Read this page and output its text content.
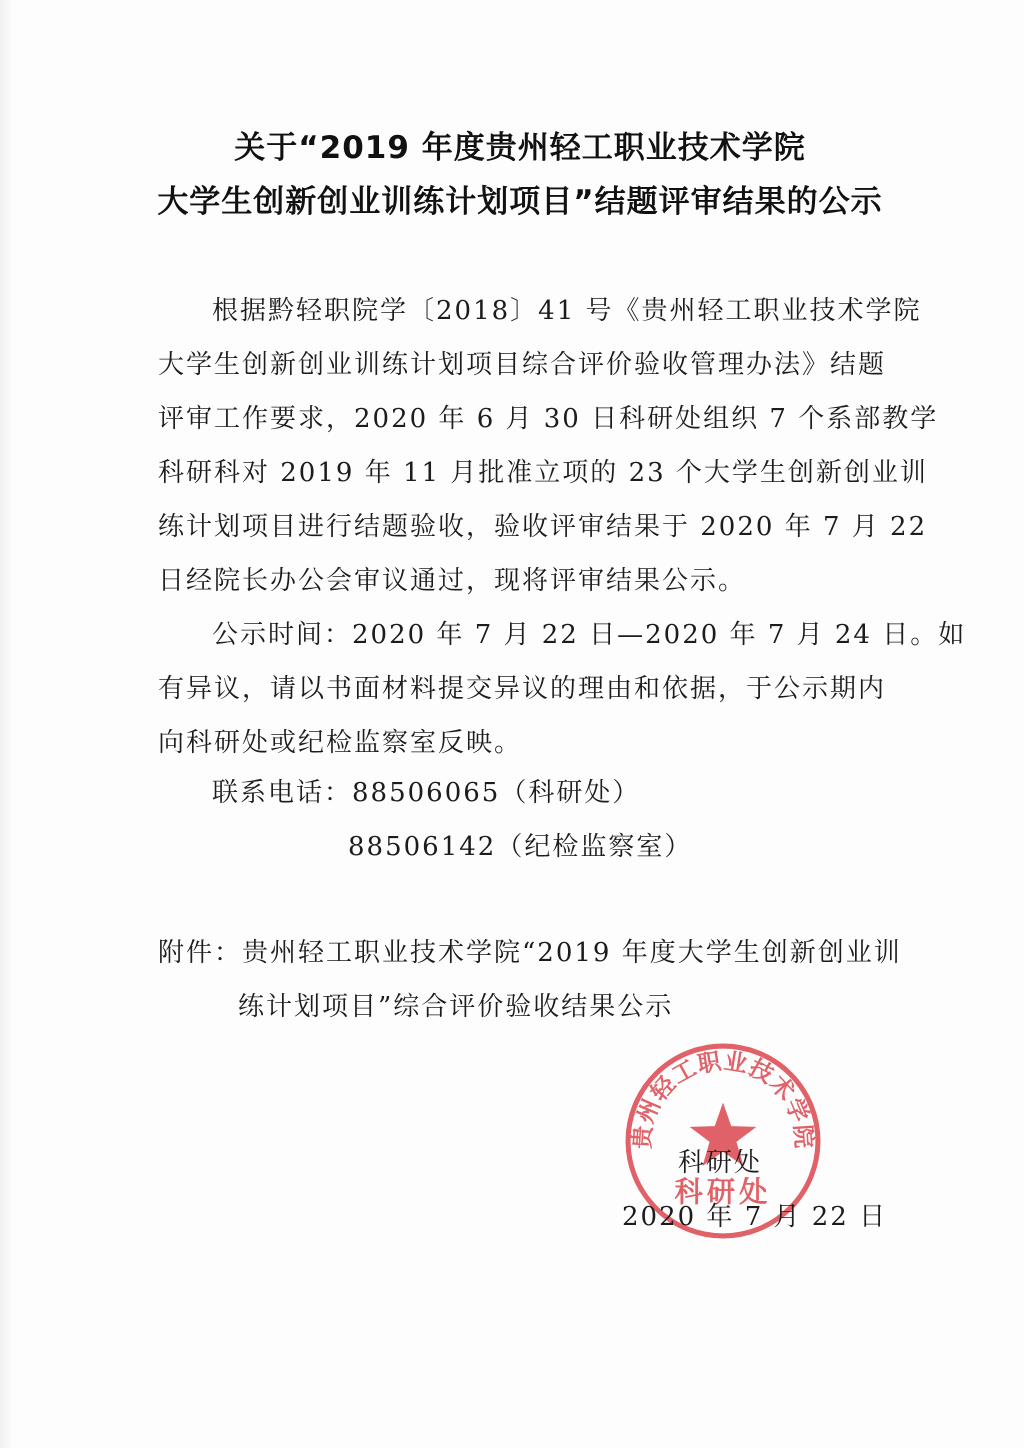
关于“2019 年度贵州轻工职业技术学院
大学生创新创业训练计划项目”结题评审结果的公示
根据黔轻职院学〔2018〕41 号《贵州轻工职业技术学院
大学生创新创业训练计划项目综合评价验收管理办法》结题
评审工作要求，2020 年 6 月 30 日科研处组织 7 个系部教学
科研科对 2019 年 11 月批准立项的 23 个大学生创新创业训
练计划项目进行结题验收，验收评审结果于 2020 年 7 月 22
日经院长办公会审议通过，现将评审结果公示。
公示时间：2020 年 7 月 22 日—2020 年 7 月 24 日。如
有异议，请以书面材料提交异议的理由和依据，于公示期内
向科研处或纪检监察室反映。
联系电话：88506065（科研处）
88506142（纪检监察室）
附件：贵州轻工职业技术学院“2019 年度大学生创新创业训
练计划项目”综合评价验收结果公示
贵州轻工职业技术学院
科研处
科研处
2020 年 7 月 22 日
